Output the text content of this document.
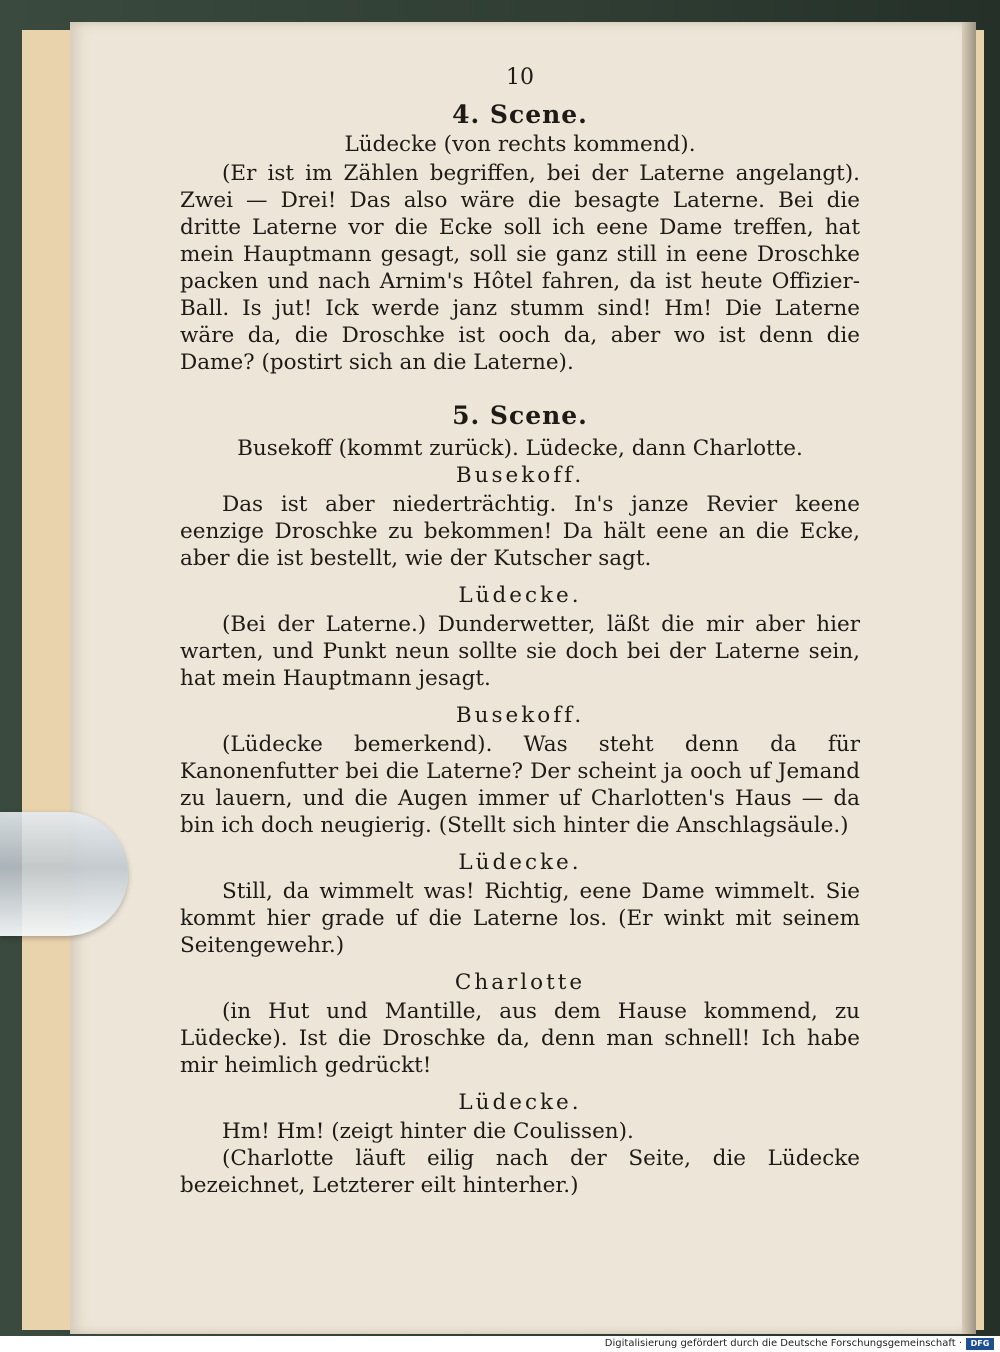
10
4. Scene.
Lüdecke (von rechts kommend).

(Er ist im Zählen begriffen, bei der Laterne angelangt). Zwei — Drei! Das also wäre die besagte Laterne. Bei die dritte Laterne vor die Ecke soll ich eene Dame treffen, hat mein Hauptmann gesagt, soll sie ganz still in eene Droschke packen und nach Arnim's Hôtel fahren, da ist heute Offizier-Ball. Is jut! Ick werde janz stumm sind! Hm! Die Laterne wäre da, die Droschke ist ooch da, aber wo ist denn die Dame? (postirt sich an die Laterne).

5. Scene.
Busekoff (kommt zurück). Lüdecke, dann Charlotte.
Busekoff.

Das ist aber niederträchtig. In's janze Revier keene eenzige Droschke zu bekommen! Da hält eene an die Ecke, aber die ist bestellt, wie der Kutscher sagt.

Lüdecke.

(Bei der Laterne.) Dunderwetter, läßt die mir aber hier warten, und Punkt neun sollte sie doch bei der Laterne sein, hat mein Hauptmann jesagt.

Busekoff.

(Lüdecke bemerkend). Was steht denn da für Kanonenfutter bei die Laterne? Der scheint ja ooch uf Jemand zu lauern, und die Augen immer uf Charlotten's Haus — da bin ich doch neugierig. (Stellt sich hinter die Anschlagsäule.)

Lüdecke.

Still, da wimmelt was! Richtig, eene Dame wimmelt. Sie kommt hier grade uf die Laterne los. (Er winkt mit seinem Seitengewehr.)

Charlotte

(in Hut und Mantille, aus dem Hause kommend, zu Lüdecke). Ist die Droschke da, denn man schnell! Ich habe mir heimlich gedrückt!

Lüdecke.

Hm! Hm! (zeigt hinter die Coulissen).

(Charlotte läuft eilig nach der Seite, die Lüdecke bezeichnet, Letzterer eilt hinterher.)

Digitalisierung gefördert durch die Deutsche Forschungsgemeinschaft ·	DFG
